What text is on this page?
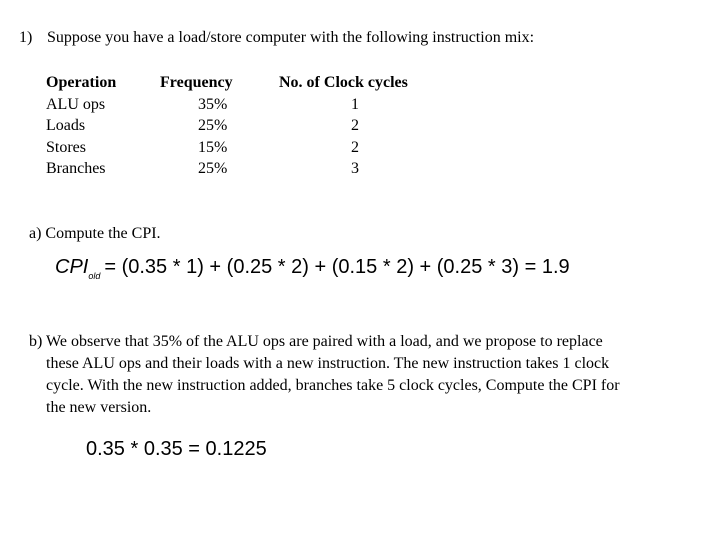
1) Suppose you have a load/store computer with the following instruction mix:
Operation
ALU ops
Loads
Stores
Branches
Frequency
35%
25%
15%
25%
No. of Clock cycles
1
2
2
3
a) Compute the CPI.
$CPI_{old} = (0.35 * 1) + (0.25 * 2) + (0.15 * 2) + (0.25 * 3) = 1.9$
b) We observe that 35% of the ALU ops are paired with a load, and we propose to replace
these ALU ops and their loads with a new instruction. The new instruction takes 1 clock
cycle. With the new instruction added, branches take 5 clock cycles, Compute the CPI for
the new version.
0.35 * 0.35 = 0.1225
